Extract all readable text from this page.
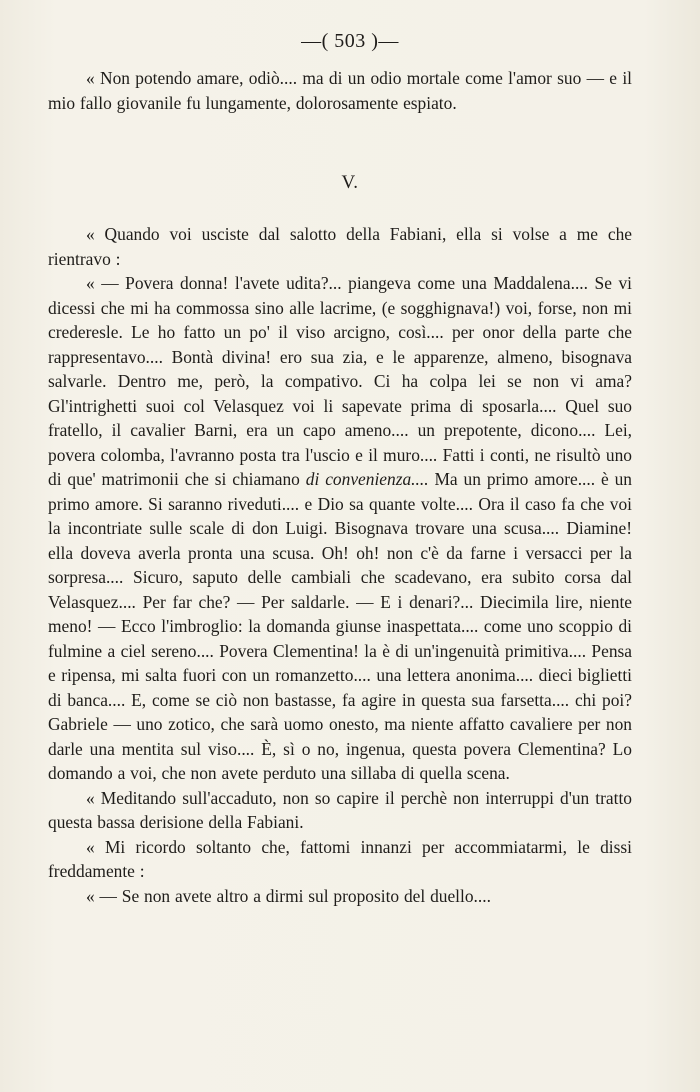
—( 503 )—

« Non potendo amare, odiò.... ma di un odio mortale come l'amor suo — e il mio fallo giovanile fu lungamente, dolorosamente espiato.

V.

« Quando voi usciste dal salotto della Fabiani, ella si volse a me che rientravo :

« — Povera donna! l'avete udita?... piangeva come una Maddalena.... Se vi dicessi che mi ha commossa sino alle lacrime, (e sogghignava!) voi, forse, non mi crederesle. Le ho fatto un po' il viso arcigno, così.... per onor della parte che rappresentavo.... Bontà divina! ero sua zia, e le apparenze, almeno, bisognava salvarle. Dentro me, però, la compativo. Ci ha colpa lei se non vi ama? Gl'intrighetti suoi col Velasquez voi li sapevate prima di sposarla.... Quel suo fratello, il cavalier Barni, era un capo ameno.... un prepotente, dicono.... Lei, povera colomba, l'avranno posta tra l'uscio e il muro.... Fatti i conti, ne risultò uno di que' matrimonii che si chiamano di convenienza.... Ma un primo amore.... è un primo amore. Si saranno riveduti.... e Dio sa quante volte.... Ora il caso fa che voi la incontriate sulle scale di don Luigi. Bisognava trovare una scusa.... Diamine! ella doveva averla pronta una scusa. Oh! oh! non c'è da farne i versacci per la sorpresa.... Sicuro, saputo delle cambiali che scadevano, era subito corsa dal Velasquez.... Per far che? — Per saldarle. — E i denari?... Diecimila lire, niente meno! — Ecco l'imbroglio: la domanda giunse inaspettata.... come uno scoppio di fulmine a ciel sereno.... Povera Clementina! la è di un'ingenuità primitiva.... Pensa e ripensa, mi salta fuori con un romanzetto.... una lettera anonima.... dieci biglietti di banca.... E, come se ciò non bastasse, fa agire in questa sua farsetta.... chi poi? Gabriele — uno zotico, che sarà uomo onesto, ma niente affatto cavaliere per non darle una mentita sul viso.... È, sì o no, ingenua, questa povera Clementina? Lo domando a voi, che non avete perduto una sillaba di quella scena.

« Meditando sull'accaduto, non so capire il perchè non interruppi d'un tratto questa bassa derisione della Fabiani.

« Mi ricordo soltanto che, fattomi innanzi per accommiatarmi, le dissi freddamente :

« — Se non avete altro a dirmi sul proposito del duello....
